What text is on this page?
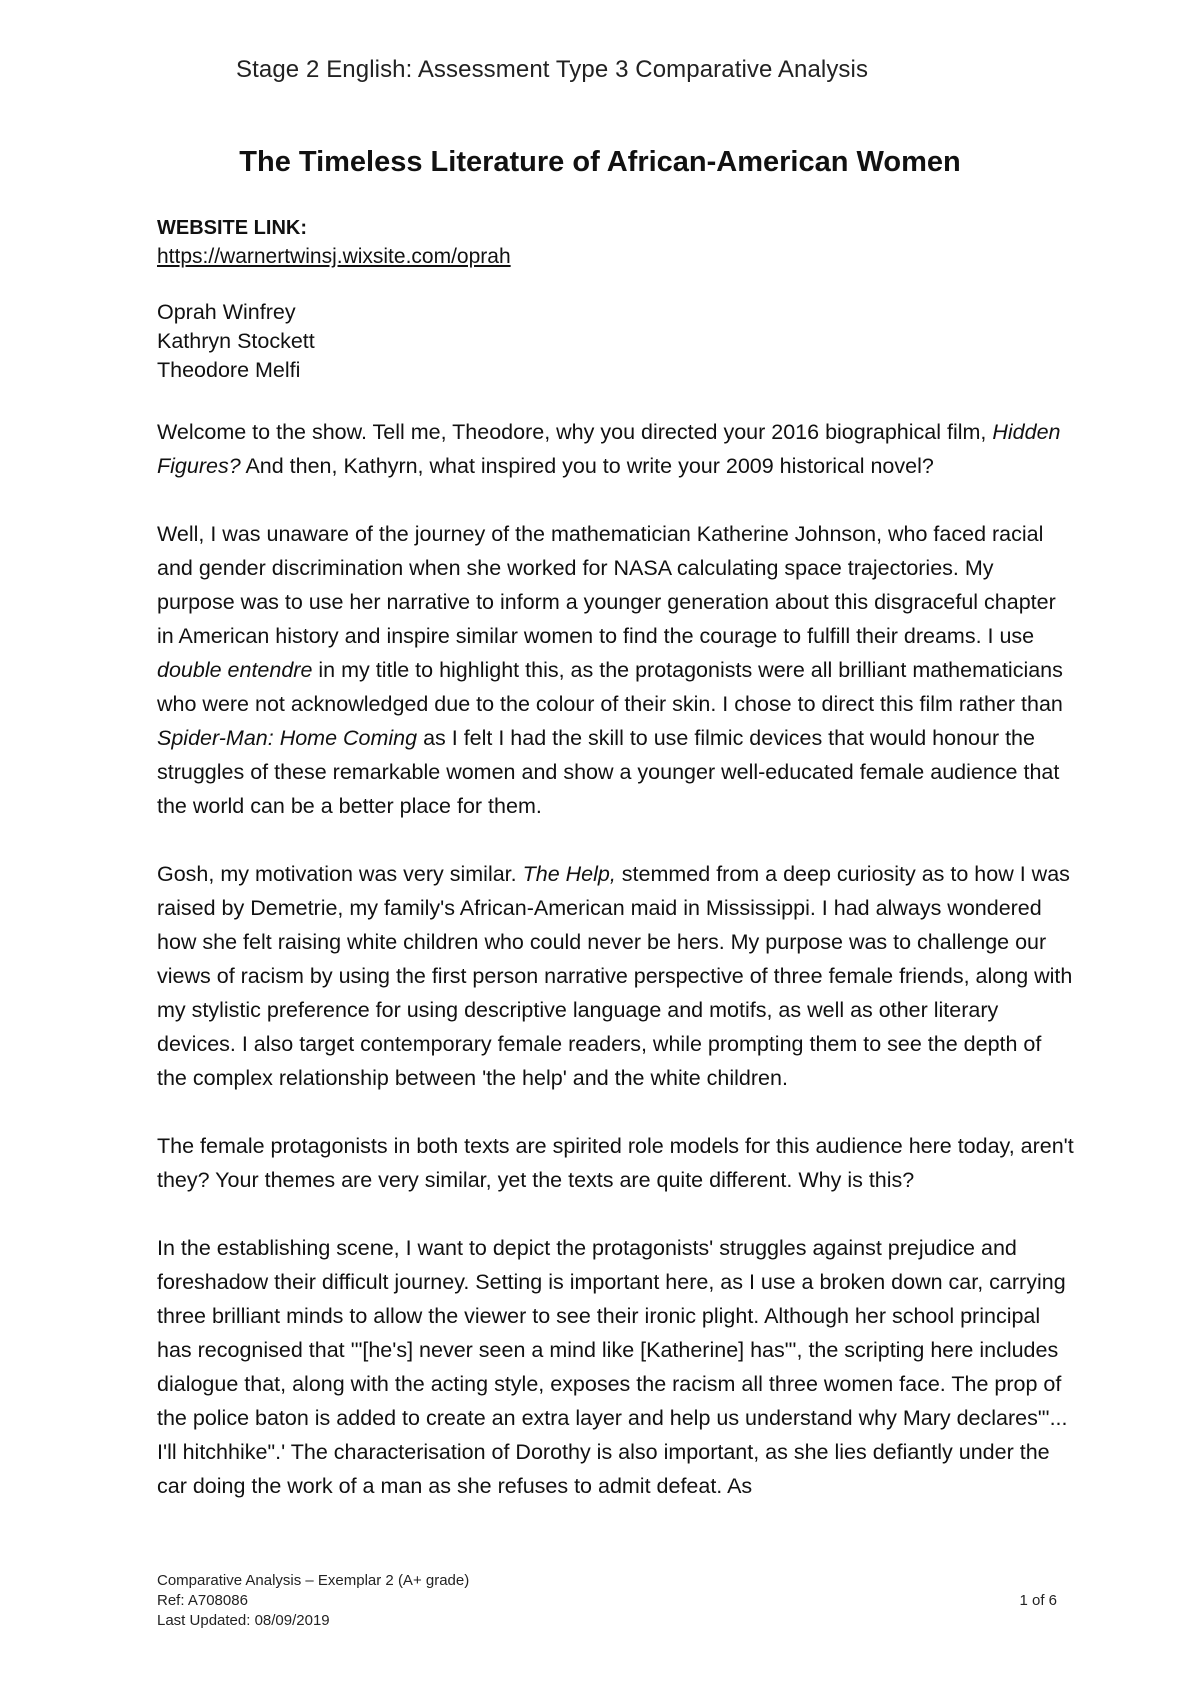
Stage 2 English: Assessment Type 3 Comparative Analysis
The Timeless Literature of African-American Women

WEBSITE LINK:

https://warnertwinsj.wixsite.com/oprah

Oprah Winfrey
Kathryn Stockett
Theodore Melfi

Welcome to the show. Tell me, Theodore, why you directed your 2016 biographical film, Hidden Figures? And then, Kathyrn, what inspired you to write your 2009 historical novel?

Well, I was unaware of the journey of the mathematician Katherine Johnson, who faced racial and gender discrimination when she worked for NASA calculating space trajectories. My purpose was to use her narrative to inform a younger generation about this disgraceful chapter in American history and inspire similar women to find the courage to fulfill their dreams. I use double entendre in my title to highlight this, as the protagonists were all brilliant mathematicians who were not acknowledged due to the colour of their skin. I chose to direct this film rather than Spider-Man: Home Coming as I felt I had the skill to use filmic devices that would honour the struggles of these remarkable women and show a younger well-educated female audience that the world can be a better place for them.

Gosh, my motivation was very similar. The Help, stemmed from a deep curiosity as to how I was raised by Demetrie, my family's African-American maid in Mississippi. I had always wondered how she felt raising white children who could never be hers. My purpose was to challenge our views of racism by using the first person narrative perspective of three female friends, along with my stylistic preference for using descriptive language and motifs, as well as other literary devices. I also target contemporary female readers, while prompting them to see the depth of the complex relationship between 'the help' and the white children.

The female protagonists in both texts are spirited role models for this audience here today, aren't they? Your themes are very similar, yet the texts are quite different. Why is this?

In the establishing scene, I want to depict the protagonists' struggles against prejudice and foreshadow their difficult journey. Setting is important here, as I use a broken down car, carrying three brilliant minds to allow the viewer to see their ironic plight. Although her school principal has recognised that '"[he's] never seen a mind like [Katherine] has"', the scripting here includes dialogue that, along with the acting style, exposes the racism all three women face. The prop of the police baton is added to create an extra layer and help us understand why Mary declares"'... I'll hitchhike".' The characterisation of Dorothy is also important, as she lies defiantly under the car doing the work of a man as she refuses to admit defeat. As

Comparative Analysis – Exemplar 2 (A+ grade)
Ref: A708086	1 of 6
Last Updated: 08/09/2019
